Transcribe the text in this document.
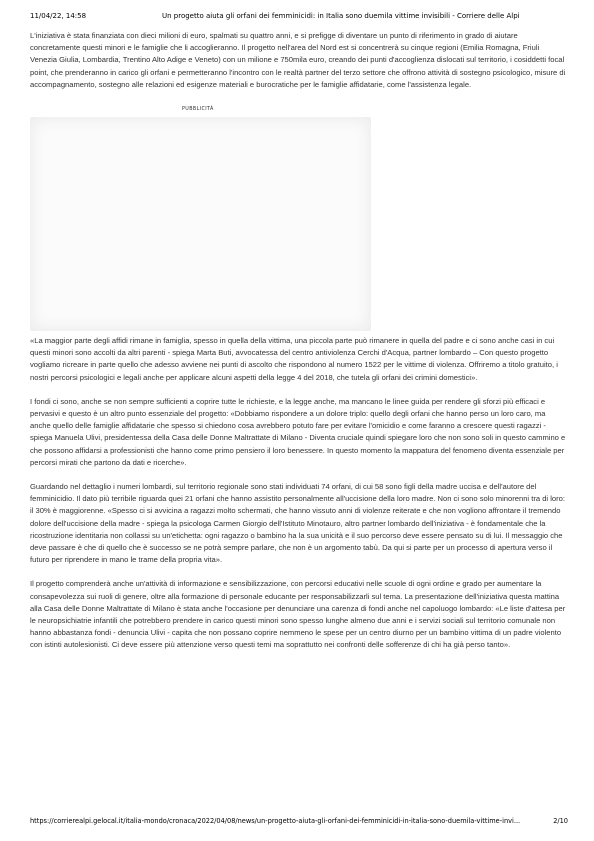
11/04/22, 14:58	Un progetto aiuta gli orfani dei femminicidi: in Italia sono duemila vittime invisibili - Corriere delle Alpi

L'iniziativa è stata finanziata con dieci milioni di euro, spalmati su quattro anni, e si prefigge di diventare un punto di riferimento in grado di aiutare concretamente questi minori e le famiglie che li accoglieranno. Il progetto nell'area del Nord est si concentrerà su cinque regioni (Emilia Romagna, Friuli Venezia Giulia, Lombardia, Trentino Alto Adige e Veneto) con un milione e 750mila euro, creando dei punti d'accoglienza dislocati sul territorio, i cosiddetti focal point, che prenderanno in carico gli orfani e permetteranno l'incontro con le realtà partner del terzo settore che offrono attività di sostegno psicologico, misure di accompagnamento, sostegno alle relazioni ed esigenze materiali e burocratiche per le famiglie affidatarie, come l'assistenza legale.

PUBBLICITÀ

«La maggior parte degli affidi rimane in famiglia, spesso in quella della vittima, una piccola parte può rimanere in quella del padre e ci sono anche casi in cui questi minori sono accolti da altri parenti - spiega Marta Buti, avvocatessa del centro antiviolenza Cerchi d'Acqua, partner lombardo – Con questo progetto vogliamo ricreare in parte quello che adesso avviene nei punti di ascolto che rispondono al numero 1522 per le vittime di violenza. Offriremo a titolo gratuito, i nostri percorsi psicologici e legali anche per applicare alcuni aspetti della legge 4 del 2018, che tutela gli orfani dei crimini domestici».

I fondi ci sono, anche se non sempre sufficienti a coprire tutte le richieste, e la legge anche, ma mancano le linee guida per rendere gli sforzi più efficaci e pervasivi e questo è un altro punto essenziale del progetto: «Dobbiamo rispondere a un dolore triplo: quello degli orfani che hanno perso un loro caro, ma anche quello delle famiglie affidatarie che spesso si chiedono cosa avrebbero potuto fare per evitare l'omicidio e come faranno a crescere questi ragazzi - spiega Manuela Ulivi, presidentessa della Casa delle Donne Maltrattate di Milano - Diventa cruciale quindi spiegare loro che non sono soli in questo cammino e che possono affidarsi a professionisti che hanno come primo pensiero il loro benessere. In questo momento la mappatura del fenomeno diventa essenziale per percorsi mirati che partono da dati e ricerche».

Guardando nel dettaglio i numeri lombardi, sul territorio regionale sono stati individuati 74 orfani, di cui 58 sono figli della madre uccisa e dell'autore del femminicidio. Il dato più terribile riguarda quei 21 orfani che hanno assistito personalmente all'uccisione della loro madre. Non ci sono solo minorenni tra di loro: il 30% è maggiorenne. «Spesso ci si avvicina a ragazzi molto schermati, che hanno vissuto anni di violenze reiterate e che non vogliono affrontare il tremendo dolore dell'uccisione della madre - spiega la psicologa Carmen Giorgio dell'Istituto Minotauro, altro partner lombardo dell'iniziativa - è fondamentale che la ricostruzione identitaria non collassi su un'etichetta: ogni ragazzo o bambino ha la sua unicità e il suo percorso deve essere pensato su di lui. Il messaggio che deve passare è che di quello che è successo se ne potrà sempre parlare, che non è un argomento tabù. Da qui si parte per un processo di apertura verso il futuro per riprendere in mano le trame della propria vita».

Il progetto comprenderà anche un'attività di informazione e sensibilizzazione, con percorsi educativi nelle scuole di ogni ordine e grado per aumentare la consapevolezza sui ruoli di genere, oltre alla formazione di personale educante per responsabilizzarli sul tema. La presentazione dell'iniziativa questa mattina alla Casa delle Donne Maltrattate di Milano è stata anche l'occasione per denunciare una carenza di fondi anche nel capoluogo lombardo: «Le liste d'attesa per le neuropsichiatrie infantili che potrebbero prendere in carico questi minori sono spesso lunghe almeno due anni e i servizi sociali sul territorio comunale non hanno abbastanza fondi - denuncia Ulivi - capita che non possano coprire nemmeno le spese per un centro diurno per un bambino vittima di un padre violento con istinti autolesionisti. Ci deve essere più attenzione verso questi temi ma soprattutto nei confronti delle sofferenze di chi ha già perso tanto».

https://corrierealpi.gelocal.it/italia-mondo/cronaca/2022/04/08/news/un-progetto-aiuta-gli-orfani-dei-femminicidi-in-italia-sono-duemila-vittime-invi...	2/10
